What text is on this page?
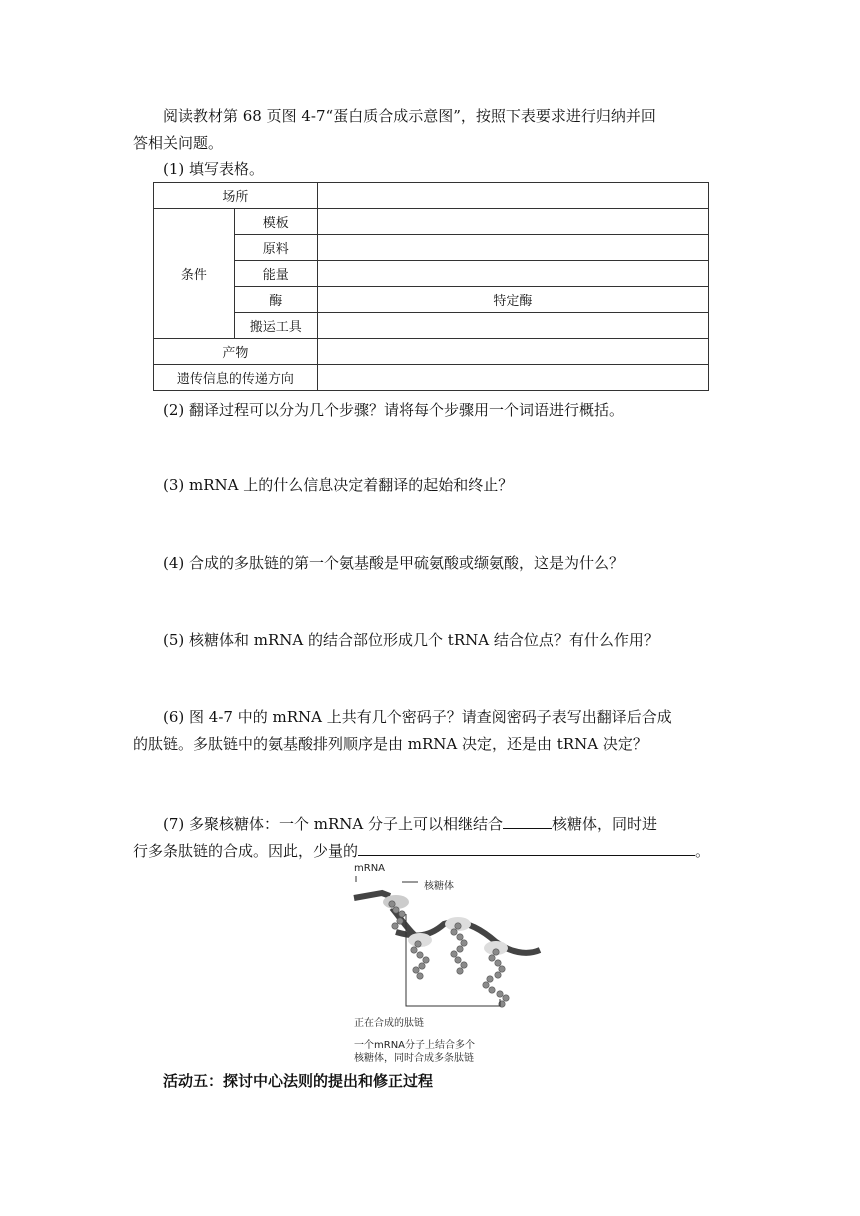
阅读教材第 68 页图 4-7“蛋白质合成示意图”，按照下表要求进行归纳并回

答相关问题。

(1) 填写表格。

场所		
条件	模板	
	原料	
	能量	
	酶	特定酶
	搬运工具	
产物		
遗传信息的传递方向		

(2) 翻译过程可以分为几个步骤？请将每个步骤用一个词语进行概括。

(3) mRNA 上的什么信息决定着翻译的起始和终止？

(4) 合成的多肽链的第一个氨基酸是甲硫氨酸或缬氨酸，这是为什么？

(5) 核糖体和 mRNA 的结合部位形成几个 tRNA 结合位点？有什么作用？

(6) 图 4-7 中的 mRNA 上共有几个密码子？请查阅密码子表写出翻译后合成

的肽链。多肽链中的氨基酸排列顺序是由 mRNA 决定，还是由 tRNA 决定？

(7) 多聚核糖体：一个 mRNA 分子上可以相继结合	核糖体，同时进

行多条肽链的合成。因此，少量的	。

mRNA
核糖体
正在合成的肽链
一个mRNA分子上结合多个
核糖体，同时合成多条肽链

活动五：探讨中心法则的提出和修正过程
